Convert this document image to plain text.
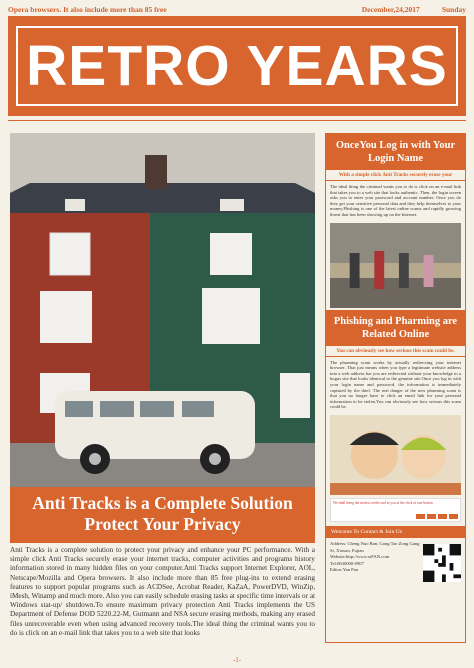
Opera browsers. It also include more than 85 free	December,24,2017	Sunday
RETRO YEARS
Anti Tracks is a Complete Solution
Protect Your Privacy

Anti Tracks is a complete solution to protect your privacy and enhance your PC performance. With a simple click Anti Tracks securely erase your internet tracks, computer activities and programs history information stored in many hidden files on your computer.Anti Tracks support Internet Explorer, AOL, Netscape/Mozilla and Opera browsers. It also include more than 85 free plug-ins to extend erasing features to support popular programs such as ACDSee, Acrobat Reader, KaZaA, PowerDVD, WinZip, iMesh, Winamp and much more. Also you can easily schedule erasing tasks at specific time intervals or at Windows stat-up/ shutdown.To ensure maximum privacy protection Anti Tracks implements the US Department of Defense DOD 5220.22-M, Gutmann and NSA secure erasing methods, making any erased files unrecoverable even when using advanced recovery tools.The ideal thing the criminal wants you to do is click on an e-mail link that takes you to a web site that looks

-1-
OnceYou Log in with Your Login Name
With a simple click Anti Tracks securely erase your

The ideal thing the criminal wants you to do is click on an e-mail link that takes you to a web site that looks authentic. Then, the login screen asks you to enter your password and account number. Once you do they get your sensitive personal data and they help themselves to your money.Phishing is one of the latest online scams and rapidly growing threat that has been showing up on the Internet.

Phishing and Pharming are Related Online
You can obviously see how serious this scam could be.

The pharming scam works by actually redirecting your internet browser. That just means when you type a legitimate website address into a web address bar you are redirected without your knowledge to a bogus site that looks identical to the genuine site.Once you log in with your login name and password, the information is immediately captured by the thief. The real danger of the new pharming scam is that you no longer have to click an email link for your personal information to be stolen.You can obviously see how serious this scam could be.

We shall bring the easiest credit card to you at the click of one button
Welcome To Contact & Join Us
Address: Cheng Nuo Ban, Gong Tao Zong Gang Si, Xiaxun, Fujian
Website:http://www.xiFAN.com
Tel:0630000-0907
Editor:Yan Pan
